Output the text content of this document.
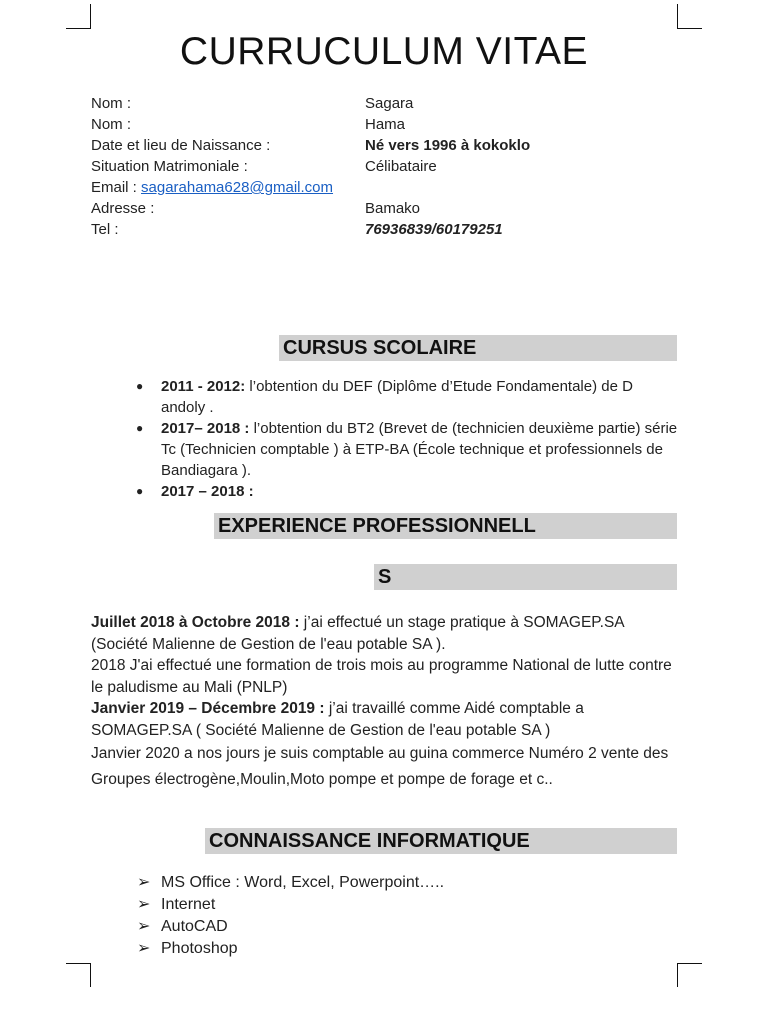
CURRUCULUM VITAE
Nom :	Sagara
Nom :	Hama
Date et lieu de Naissance :	Né vers 1996 à kokoklo
Situation Matrimoniale :	Célibataire
Email : sagarahama628@gmail.com
Adresse :	Bamako
Tel :	76936839/60179251
CURSUS SCOLAIRE
● 2011 - 2012: l’obtention du DEF (Diplôme d’Etude Fondamentale) de D andoly .
● 2017– 2018 : l’obtention du BT2 (Brevet de (technicien deuxième partie) série Tc (Technicien comptable ) à ETP-BA (École technique et professionnels de Bandiagara ).
● 2017 – 2018 :
EXPERIENCE PROFESSIONNELL
S
Juillet 2018 à Octobre 2018 : j’ai effectué un stage pratique à SOMAGEP.SA (Société Malienne de Gestion de l'eau potable SA ).
2018 J'ai effectué une formation de trois mois au programme National de lutte contre le paludisme au Mali (PNLP)
Janvier 2019 – Décembre 2019 : j’ai travaillé comme Aidé comptable a SOMAGEP.SA ( Société Malienne de Gestion de l'eau potable SA )
Janvier 2020 a nos jours je suis comptable au guina commerce Numéro 2 vente des Groupes électrogène,Moulin,Moto pompe et pompe de forage et c..
CONNAISSANCE INFORMATIQUE
➢ MS Office : Word, Excel, Powerpoint…..
➢ Internet
➢ AutoCAD
➢ Photoshop
